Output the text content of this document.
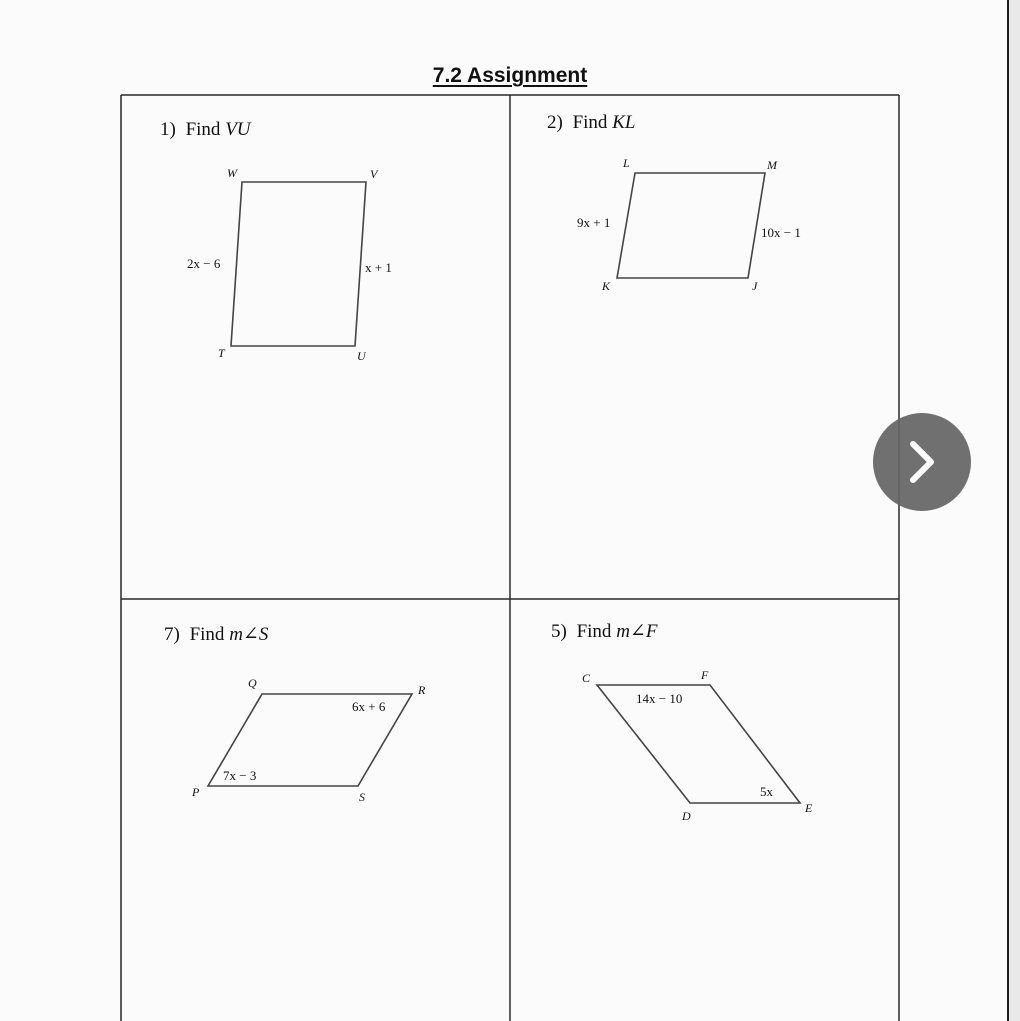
7.2 Assignment
1) Find VU
W	V
T	U
2x − 6	x + 1
2) Find KL
L	M
K	J
9x + 1
10x − 1
7) Find m∠S
Q	R
P	S
6x + 6
7x − 3
5) Find m∠F
C	F
D
E
14x − 10
5x
